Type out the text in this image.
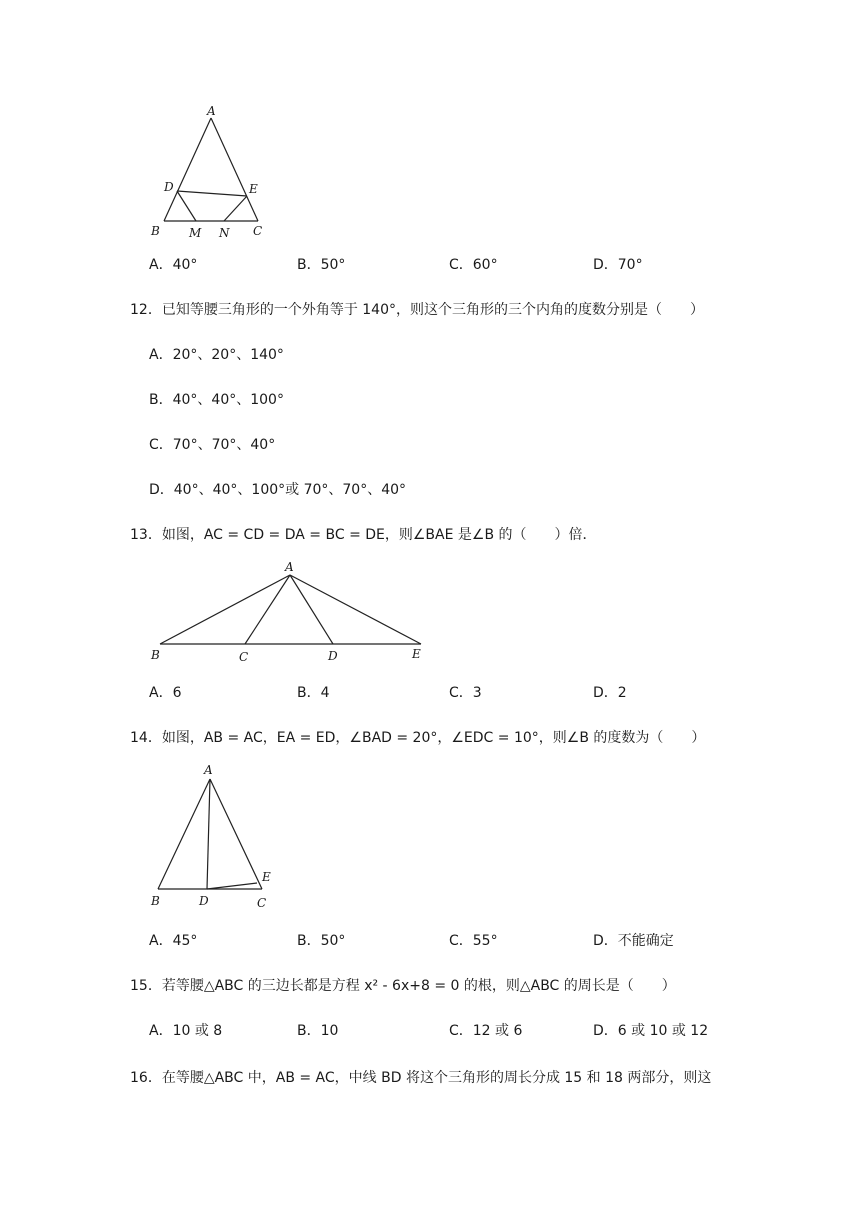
A
D	E
B M N C
A．40°	B．50°	C．60°	D．70°
12．已知等腰三角形的一个外角等于 140°，则这个三角形的三个内角的度数分别是（　　）
A．20°、20°、140°
B．40°、40°、100°
C．70°、70°、40°
D．40°、40°、100°或 70°、70°、40°
13．如图，AC = CD = DA = BC = DE，则∠BAE 是∠B 的（　　）倍．
A
B	C	D	E
A．6	B．4	C．3	D．2
14．如图，AB = AC，EA = ED，∠BAD = 20°，∠EDC = 10°，则∠B 的度数为（　　）
A
E
B	D	C
A．45°	B．50°	C．55°	D．不能确定
15．若等腰△ABC 的三边长都是方程 x² - 6x+8 = 0 的根，则△ABC 的周长是（　　）
A．10 或 8	B．10	C．12 或 6	D．6 或 10 或 12
16．在等腰△ABC 中，AB = AC，中线 BD 将这个三角形的周长分成 15 和 18 两部分，则这
